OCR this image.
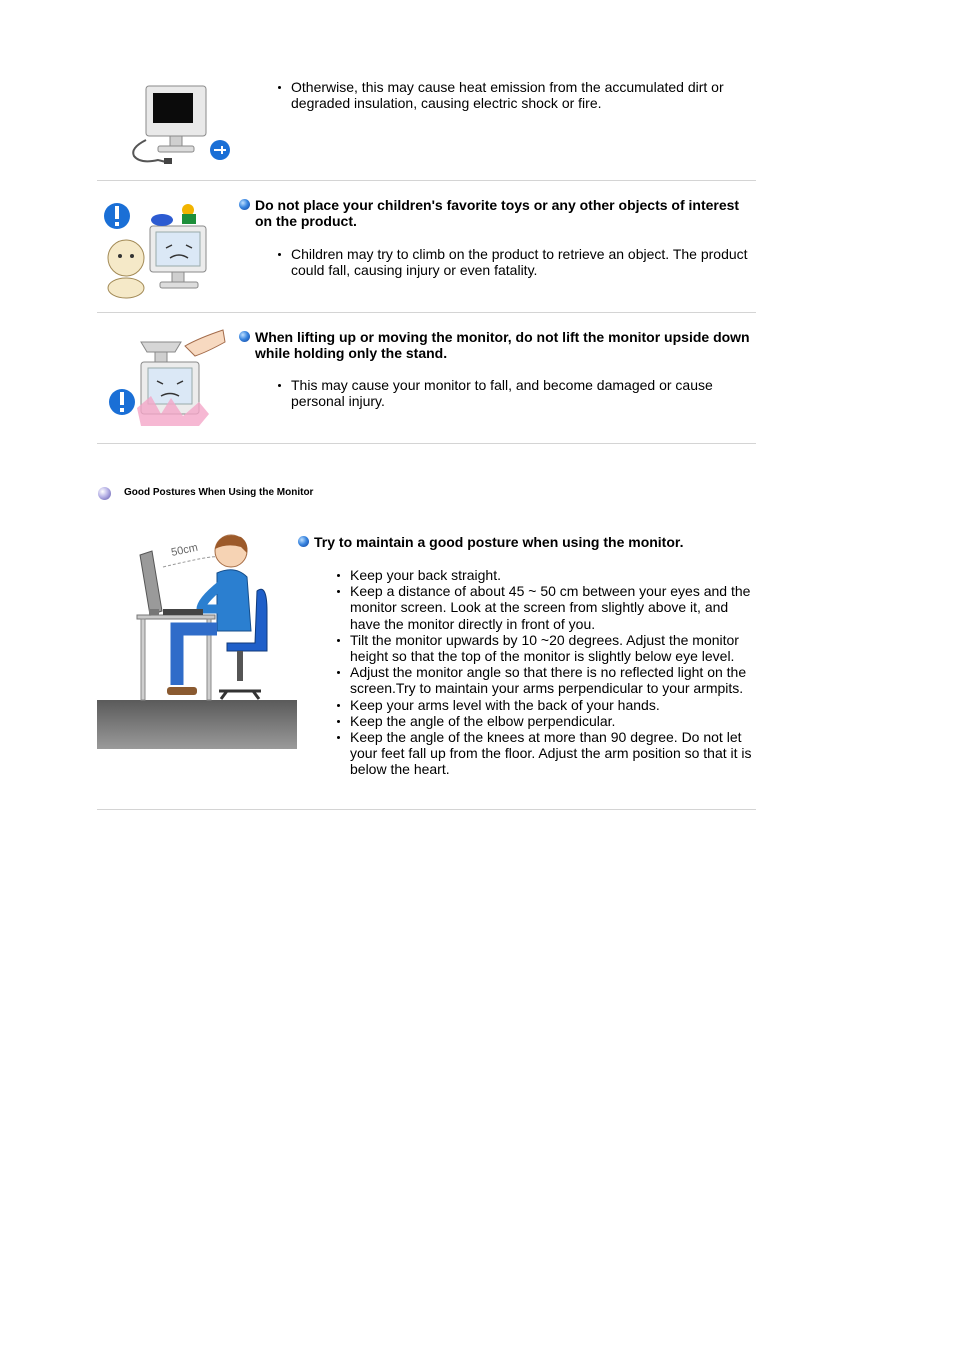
Otherwise, this may cause heat emission from the accumulated dirt or degraded insulation, causing electric shock or fire.
Do not place your children's favorite toys or any other objects of interest on the product.
Children may try to climb on the product to retrieve an object. The product could fall, causing injury or even fatality.
When lifting up or moving the monitor, do not lift the monitor upside down while holding only the stand.
This may cause your monitor to fall, and become damaged or cause personal injury.
Good Postures When Using the Monitor
50cm	Try to maintain a good posture when using the monitor.
Keep your back straight.
Keep a distance of about 45 ~ 50 cm between your eyes and the monitor screen. Look at the screen from slightly above it, and have the monitor directly in front of you.
Tilt the monitor upwards by 10 ~20 degrees. Adjust the monitor height so that the top of the monitor is slightly below eye level.
Adjust the monitor angle so that there is no reflected light on the screen.Try to maintain your arms perpendicular to your armpits.
Keep your arms level with the back of your hands.
Keep the angle of the elbow perpendicular.
Keep the angle of the knees at more than 90 degree. Do not let your feet fall up from the floor. Adjust the arm position so that it is below the heart.
